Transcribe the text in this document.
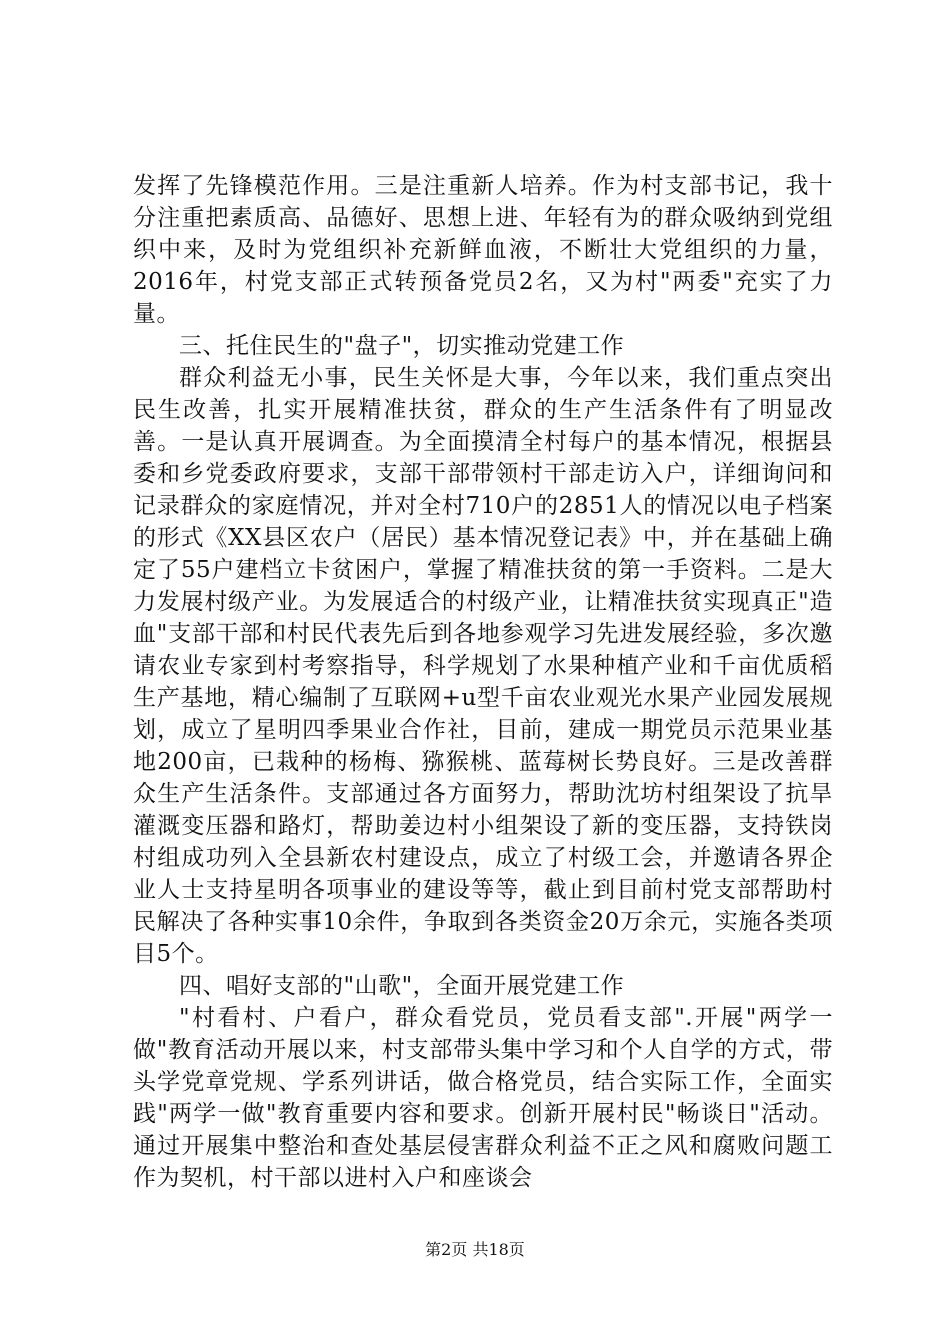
发挥了先锋模范作用。三是注重新人培养。作为村支部书记，我十分注重把素质高、品德好、思想上进、年轻有为的群众吸纳到党组织中来，及时为党组织补充新鲜血液，不断壮大党组织的力量，2016年，村党支部正式转预备党员2名，又为村"两委"充实了力量。

三、托住民生的"盘子"，切实推动党建工作

群众利益无小事，民生关怀是大事，今年以来，我们重点突出民生改善，扎实开展精准扶贫，群众的生产生活条件有了明显改善。一是认真开展调查。为全面摸清全村每户的基本情况，根据县委和乡党委政府要求，支部干部带领村干部走访入户，详细询问和记录群众的家庭情况，并对全村710户的2851人的情况以电子档案的形式《XX县区农户（居民）基本情况登记表》中，并在基础上确定了55户建档立卡贫困户，掌握了精准扶贫的第一手资料。二是大力发展村级产业。为发展适合的村级产业，让精准扶贫实现真正"造血"支部干部和村民代表先后到各地参观学习先进发展经验，多次邀请农业专家到村考察指导，科学规划了水果种植产业和千亩优质稻生产基地，精心编制了互联网+u型千亩农业观光水果产业园发展规划，成立了星明四季果业合作社，目前，建成一期党员示范果业基地200亩，已栽种的杨梅、猕猴桃、蓝莓树长势良好。三是改善群众生产生活条件。支部通过各方面努力，帮助沈坊村组架设了抗旱灌溉变压器和路灯，帮助姜边村小组架设了新的变压器，支持铁岗村组成功列入全县新农村建设点，成立了村级工会，并邀请各界企业人士支持星明各项事业的建设等等，截止到目前村党支部帮助村民解决了各种实事10余件，争取到各类资金20万余元，实施各类项目5个。

四、唱好支部的"山歌"，全面开展党建工作

"村看村、户看户，群众看党员，党员看支部".开展"两学一做"教育活动开展以来，村支部带头集中学习和个人自学的方式，带头学党章党规、学系列讲话，做合格党员，结合实际工作，全面实践"两学一做"教育重要内容和要求。创新开展村民"畅谈日"活动。通过开展集中整治和查处基层侵害群众利益不正之风和腐败问题工作为契机，村干部以进村入户和座谈会

第2页 共18页
